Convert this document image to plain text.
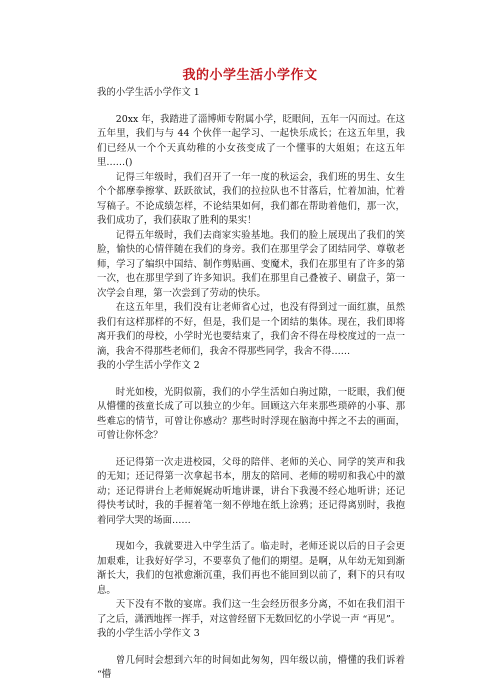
我的小学生活小学作文

我的小学生活小学作文 1

20xx 年，我踏进了淄博师专附属小学，眨眼间，五年一闪而过。在这五年里，我们与与 44 个伙伴一起学习、一起快乐成长；在这五年里，我们已经从一个个天真幼稚的小女孩变成了一个懂事的大姐姐；在这五年里……()

记得三年级时，我们召开了一年一度的秋运会，我们班的男生、女生个个都摩拳擦掌、跃跃欲试，我们的拉拉队也不甘落后，忙着加油，忙着写稿子。不论成绩怎样，不论结果如何，我们都在帮助着他们，那一次，我们成功了，我们获取了胜利的果实！

记得五年级时，我们去商家实验基地。我们的脸上展现出了我们的笑脸，愉快的心情伴随在我们的身旁。我们在那里学会了团结同学、尊敬老师，学习了编织中国结、制作剪贴画、变魔术，我们在那里有了许多的第一次，也在那里学到了许多知识。我们在那里自己叠被子、刷盘子，第一次学会自理，第一次尝到了劳动的快乐。

在这五年里，我们没有让老师省心过，也没有得到过一面红旗，虽然我们有这样那样的不好，但是，我们是一个团结的集体。现在，我们即将离开我们的母校，小学时光也要结束了，我们舍不得在母校度过的一点一滴，我舍不得那些老师们，我舍不得那些同学，我舍不得……

我的小学生活小学作文 2

时光如梭，光阴似箭，我们的小学生活如白驹过隙，一眨眼，我们便从懵懂的孩童长成了可以独立的少年。回顾这六年来那些琐碎的小事、那些难忘的情节，可曾让你感动？那些时时浮现在脑海中挥之不去的画面，可曾让你怀念？

还记得第一次走进校园，父母的陪伴、老师的关心、同学的笑声和我的无知；还记得第一次拿起书本，朋友的陪同、老师的唠叨和我心中的激动；还记得讲台上老师娓娓动听地讲课，讲台下我漫不经心地听讲；还记得快考试时，我的手握着笔一刻不停地在纸上涂鸦；还记得离别时，我抱着同学大哭的场面……

现如今，我就要进入中学生活了。临走时，老师还说以后的日子会更加艰难，让我好好学习，不要辜负了他们的期望。是啊，从年幼无知到渐渐长大，我们的包袱愈渐沉重，我们再也不能回到以前了，剩下的只有叹息。

天下没有不散的宴席。我们这一生会经历很多分离，不如在我们泪干了之后，潇洒地挥一挥手，对这曾经留下无数回忆的小学说一声 “再见”。

我的小学生活小学作文 3

曾几何时会想到六年的时间如此匆匆，四年级以前，懵懂的我们诉着 “懵
